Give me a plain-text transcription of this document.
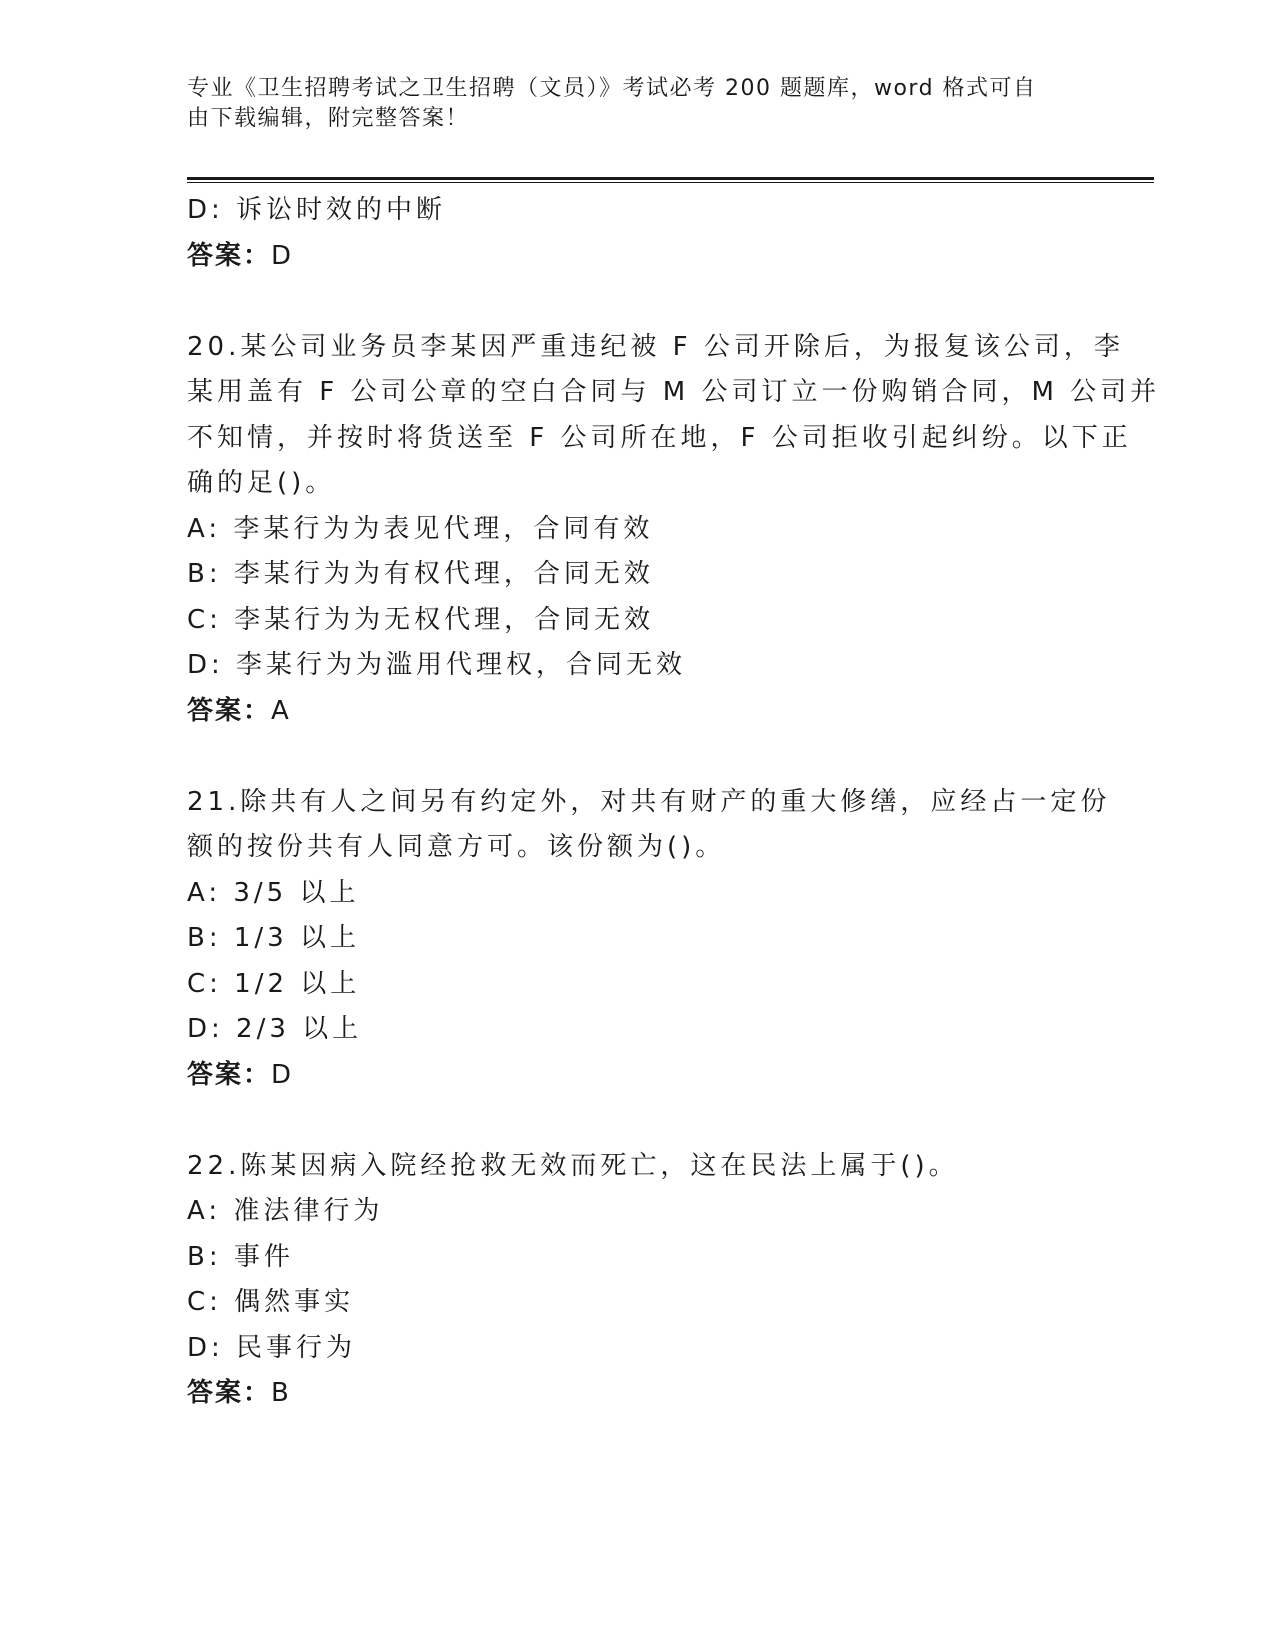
专业《卫生招聘考试之卫生招聘（文员）》考试必考 200 题题库，word 格式可自
由下载编辑，附完整答案！
D: 诉讼时效的中断
答案：D
20.某公司业务员李某因严重违纪被 F 公司开除后，为报复该公司，李
某用盖有 F 公司公章的空白合同与 M 公司订立一份购销合同，M 公司并
不知情，并按时将货送至 F 公司所在地，F 公司拒收引起纠纷。以下正
确的足()。
A: 李某行为为表见代理，合同有效
B: 李某行为为有权代理，合同无效
C: 李某行为为无权代理，合同无效
D: 李某行为为滥用代理权，合同无效
答案：A
21.除共有人之间另有约定外，对共有财产的重大修缮，应经占一定份
额的按份共有人同意方可。该份额为()。
A: 3/5 以上
B: 1/3 以上
C: 1/2 以上
D: 2/3 以上
答案：D
22.陈某因病入院经抢救无效而死亡，这在民法上属于()。
A: 准法律行为
B: 事件
C: 偶然事实
D: 民事行为
答案：B
